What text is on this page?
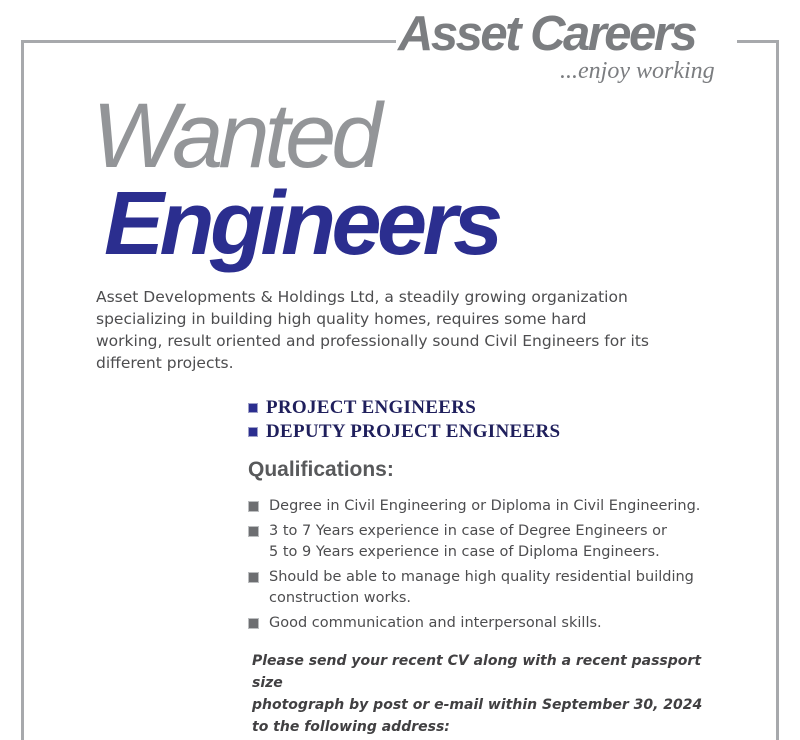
Asset Careers
...enjoy working
Wanted
Engineers

Asset Developments & Holdings Ltd, a steadily growing organization specializing in building high quality homes, requires some hard working, result oriented and professionally sound Civil Engineers for its different projects.

PROJECT ENGINEERS
DEPUTY PROJECT ENGINEERS
Qualifications:
Degree in Civil Engineering or Diploma in Civil Engineering.
3 to 7 Years experience in case of Degree Engineers or
5 to 9 Years experience in case of Diploma Engineers.
Should be able to manage high quality residential building
construction works.
Good communication and interpersonal skills.

Please send your recent CV along with a recent passport size
photograph by post or e-mail within September 30, 2024
to the following address:
